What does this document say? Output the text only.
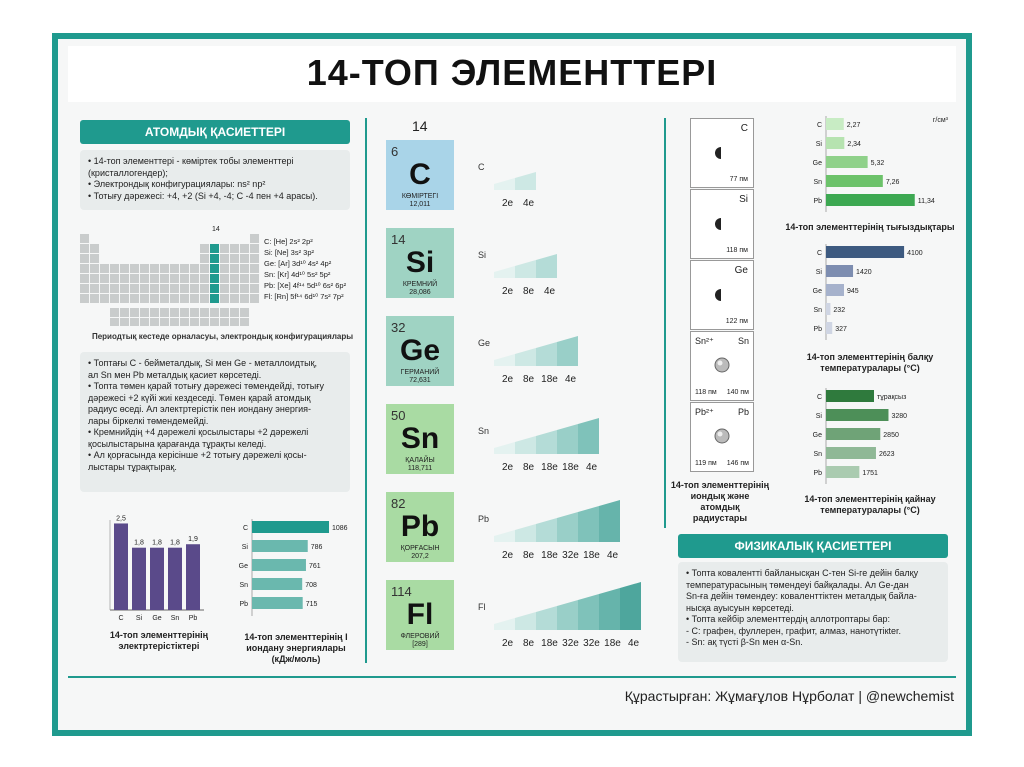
14-ТОП ЭЛЕМЕНТТЕРІ
АТОМДЫҚ ҚАСИЕТТЕРІ
• 14-топ элементтері - көміртек тобы элементтері
(кристаллогендер);
• Электрондық конфигурациялары: ns² np²
• Тотығу дәрежесі: +4, +2 (Si +4, -4; C -4 пен +4 арасы).
14
C: [He] 2s² 2p²
Si: [Ne] 3s² 3p²
Ge: [Ar] 3d¹⁰ 4s² 4p²
Sn: [Kr] 4d¹⁰ 5s² 5p²
Pb: [Xe] 4f¹⁴ 5d¹⁰ 6s² 6p²
Fl: [Rn] 5f¹⁴ 6d¹⁰ 7s² 7p²
Периодтық кестеде орналасуы, электрондық конфигурациялары
• Топтағы C - бейметалдық, Si мен Ge - металлоидтық,
ал Sn мен Pb металдық қасиет көрсетеді.
• Топта төмен қарай тотығу дәрежесі төмендейді, тотығу
дәрежесі +2 күйі жиі кездеседі. Төмен қарай атомдық
радиус өседі. Ал электртерістік пен иондану энергия-
лары біркелкі төмендемейді.
• Кремнийдің +4 дәрежелі қосылыстары +2 дәрежелі
қосылыстарына қарағанда тұрақты келеді.
• Ал қорғасында керісінше +2 тотығу дәрежелі қосы-
лыстары тұрақтырақ.
2,5
C
1,8
Si
1,8
Ge
1,8
Sn
1,9
Pb
14-топ элементтерінің электртерістіктері
C	1086
Si	786
Ge	761
Sn	708
Pb	715
14-топ элементтерінің I иондану энергиялары (кДж/моль)
14
6
C
КӨМІРТЕГІ
12,011
14
Si
КРЕМНИЙ
28,086
32
Ge
ГЕРМАНИЙ
72,631
50
Sn
ҚАЛАЙЫ
118,711
82
Pb
ҚОРҒАСЫН
207,2
114
Fl
ФЛЕРОВИЙ
[289]
C
2e 4e
Si
2e 8e 4e
Ge
2e 8e 18e 4e
Sn
2e 8e 18e 18e 4e
Pb
2e 8e 18e 32e 18e 4e
Fl
2e 8e 18e 32e 32e 18e 4e
C
77 пм
Si
118 пм
Ge
122 пм
Sn²⁺	Sn
118 пм 140 пм
Pb²⁺	Pb
119 пм 146 пм
14-топ элементтерінің
иондық және атомдық
радиустары
C	2,27
Si	2,34
Ge	5,32
Sn	7,26
Pb	11,34
г/см³
14-топ элементтерінің тығыздықтары
C	4100
Si	1420
Ge	945
Sn 232
Pb 327
14-топ элементтерінің балқу температуралары (°C)
C	тұрақсыз
Si	3280
Ge	2850
Sn	2623
Pb	1751
14-топ элементтерінің қайнау температуралары (°C)
ФИЗИКАЛЫҚ ҚАСИЕТТЕРІ
• Топта коваленттi байланысқан С-тен Si-ге дейін балқу
температурасының төмендеуі байқалады. Ал Ge-дан
Sn-ға дейін төмендеу: коваленттіктен металдық байла-
нысқа ауысуын көрсетеді.
• Топта кейбір элементтердің аллотроптары бар:
- С: графен, фуллерен, графит, алмаз, нанотүтікter.
- Sn: ақ түсті β-Sn мен α-Sn.
Құрастырған: Жұмағұлов Нұрболат | @newchemist
